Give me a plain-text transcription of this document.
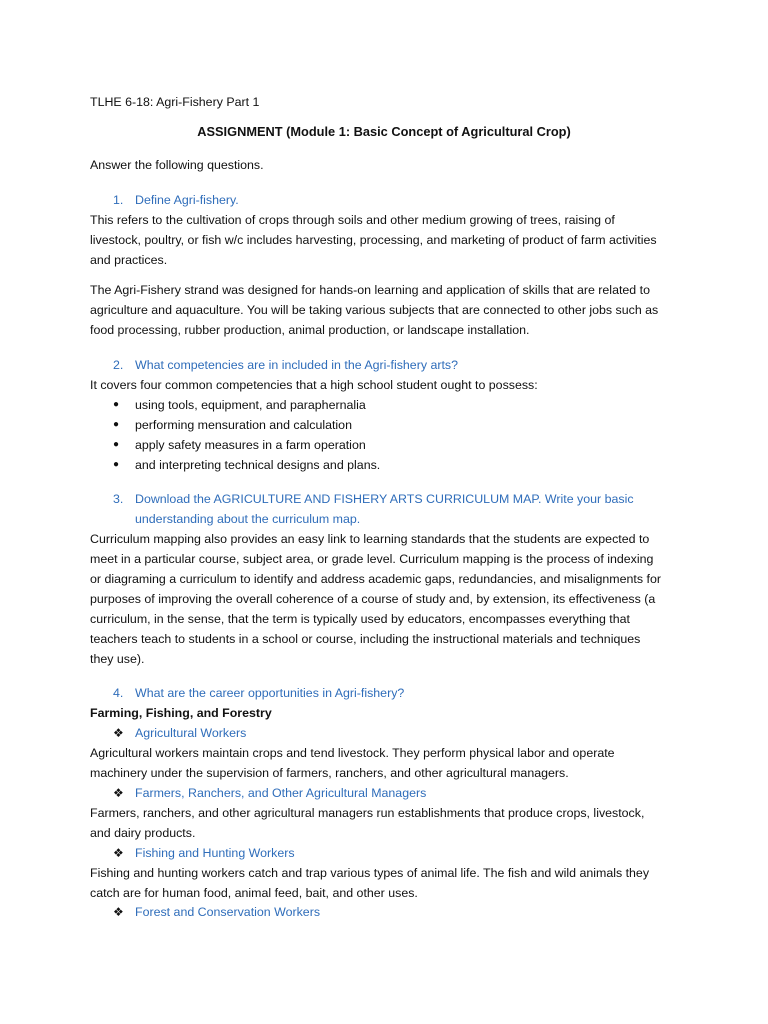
TLHE 6-18: Agri-Fishery Part 1
ASSIGNMENT (Module 1: Basic Concept of Agricultural Crop)
Answer the following questions.
1. Define Agri-fishery.
This refers to the cultivation of crops through soils and other medium growing of trees, raising of
livestock, poultry, or fish w/c includes harvesting, processing, and marketing of product of farm activities
and practices.
The Agri-Fishery strand was designed for hands-on learning and application of skills that are related to
agriculture and aquaculture. You will be taking various subjects that are connected to other jobs such as
food processing, rubber production, animal production, or landscape installation.
2. What competencies are in included in the Agri-fishery arts?
It covers four common competencies that a high school student ought to possess:
● using tools, equipment, and paraphernalia
● performing mensuration and calculation
● apply safety measures in a farm operation
● and interpreting technical designs and plans.
3. Download the AGRICULTURE AND FISHERY ARTS CURRICULUM MAP. Write your basic
understanding about the curriculum map.
Curriculum mapping also provides an easy link to learning standards that the students are expected to
meet in a particular course, subject area, or grade level. Curriculum mapping is the process of indexing
or diagraming a curriculum to identify and address academic gaps, redundancies, and misalignments for
purposes of improving the overall coherence of a course of study and, by extension, its effectiveness (a
curriculum, in the sense, that the term is typically used by educators, encompasses everything that
teachers teach to students in a school or course, including the instructional materials and techniques
they use).
4. What are the career opportunities in Agri-fishery?
Farming, Fishing, and Forestry
❖ Agricultural Workers
Agricultural workers maintain crops and tend livestock. They perform physical labor and operate
machinery under the supervision of farmers, ranchers, and other agricultural managers.
❖ Farmers, Ranchers, and Other Agricultural Managers
Farmers, ranchers, and other agricultural managers run establishments that produce crops, livestock,
and dairy products.
❖ Fishing and Hunting Workers
Fishing and hunting workers catch and trap various types of animal life. The fish and wild animals they
catch are for human food, animal feed, bait, and other uses.
❖ Forest and Conservation Workers
